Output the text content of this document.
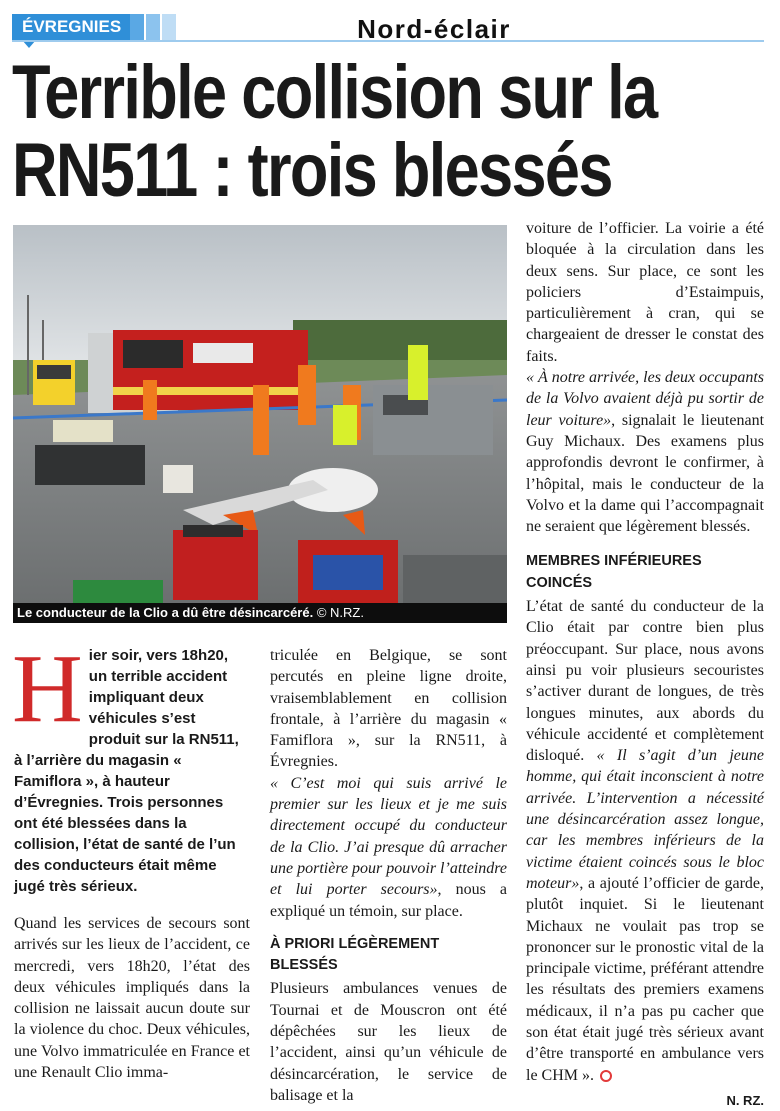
ÉVREGNIES	Nord-éclair
Terrible collision sur la
RN511 : trois blessés
Le conducteur de la Clio a dû être désincarcéré. © N.RZ.
H ier soir, vers 18h20, un terrible accident impliquant deux véhicules s’est produit sur la RN511, à l’arrière du magasin « Famiflora », à hauteur d’Évregnies. Trois personnes ont été blessées dans la collision, l’état de santé de l’un des conducteurs était même jugé très sérieux.

Quand les services de secours sont arrivés sur les lieux de l’accident, ce mercredi, vers 18h20, l’état des deux véhicules impliqués dans la collision ne laissait aucun doute sur la violence du choc. Deux véhicules, une Volvo immatriculée en France et une Renault Clio imma-

triculée en Belgique, se sont percutés en pleine ligne droite, vraisemblablement en collision frontale, à l’arrière du magasin « Famiflora », sur la RN511, à Évregnies.

« C’est moi qui suis arrivé le premier sur les lieux et je me suis directement occupé du conducteur de la Clio. J’ai presque dû arracher une portière pour pouvoir l’atteindre et lui porter secours», nous a expliqué un témoin, sur place.

À PRIORI LÉGÈREMENT BLESSÉS

Plusieurs ambulances venues de Tournai et de Mouscron ont été dépêchées sur les lieux de l’accident, ainsi qu’un véhicule de désincarcération, le service de balisage et la

voiture de l’officier. La voirie a été bloquée à la circulation dans les deux sens. Sur place, ce sont les policiers d’Estaimpuis, particulièrement à cran, qui se chargeaient de dresser le constat des faits.

« À notre arrivée, les deux occupants de la Volvo avaient déjà pu sortir de leur voiture», signalait le lieutenant Guy Michaux. Des examens plus approfondis devront le confirmer, à l’hôpital, mais le conducteur de la Volvo et la dame qui l’accompagnait ne seraient que légèrement blessés.

MEMBRES INFÉRIEURES COINCÉS

L’état de santé du conducteur de la Clio était par contre bien plus préoccupant. Sur place, nous avons ainsi pu voir plusieurs secouristes s’activer durant de longues, de très longues minutes, aux abords du véhicule accidenté et complètement disloqué. « Il s’agit d’un jeune homme, qui était inconscient à notre arrivée. L’intervention a nécessité une désincarcération assez longue, car les membres inférieurs de la victime étaient coincés sous le bloc moteur», a ajouté l’officier de garde, plutôt inquiet. Si le lieutenant Michaux ne voulait pas trop se prononcer sur le pronostic vital de la principale victime, préférant attendre les résultats des premiers examens médicaux, il n’a pas pu cacher que son état était jugé très sérieux avant d’être transporté en ambulance vers le CHM ».

N. RZ.
